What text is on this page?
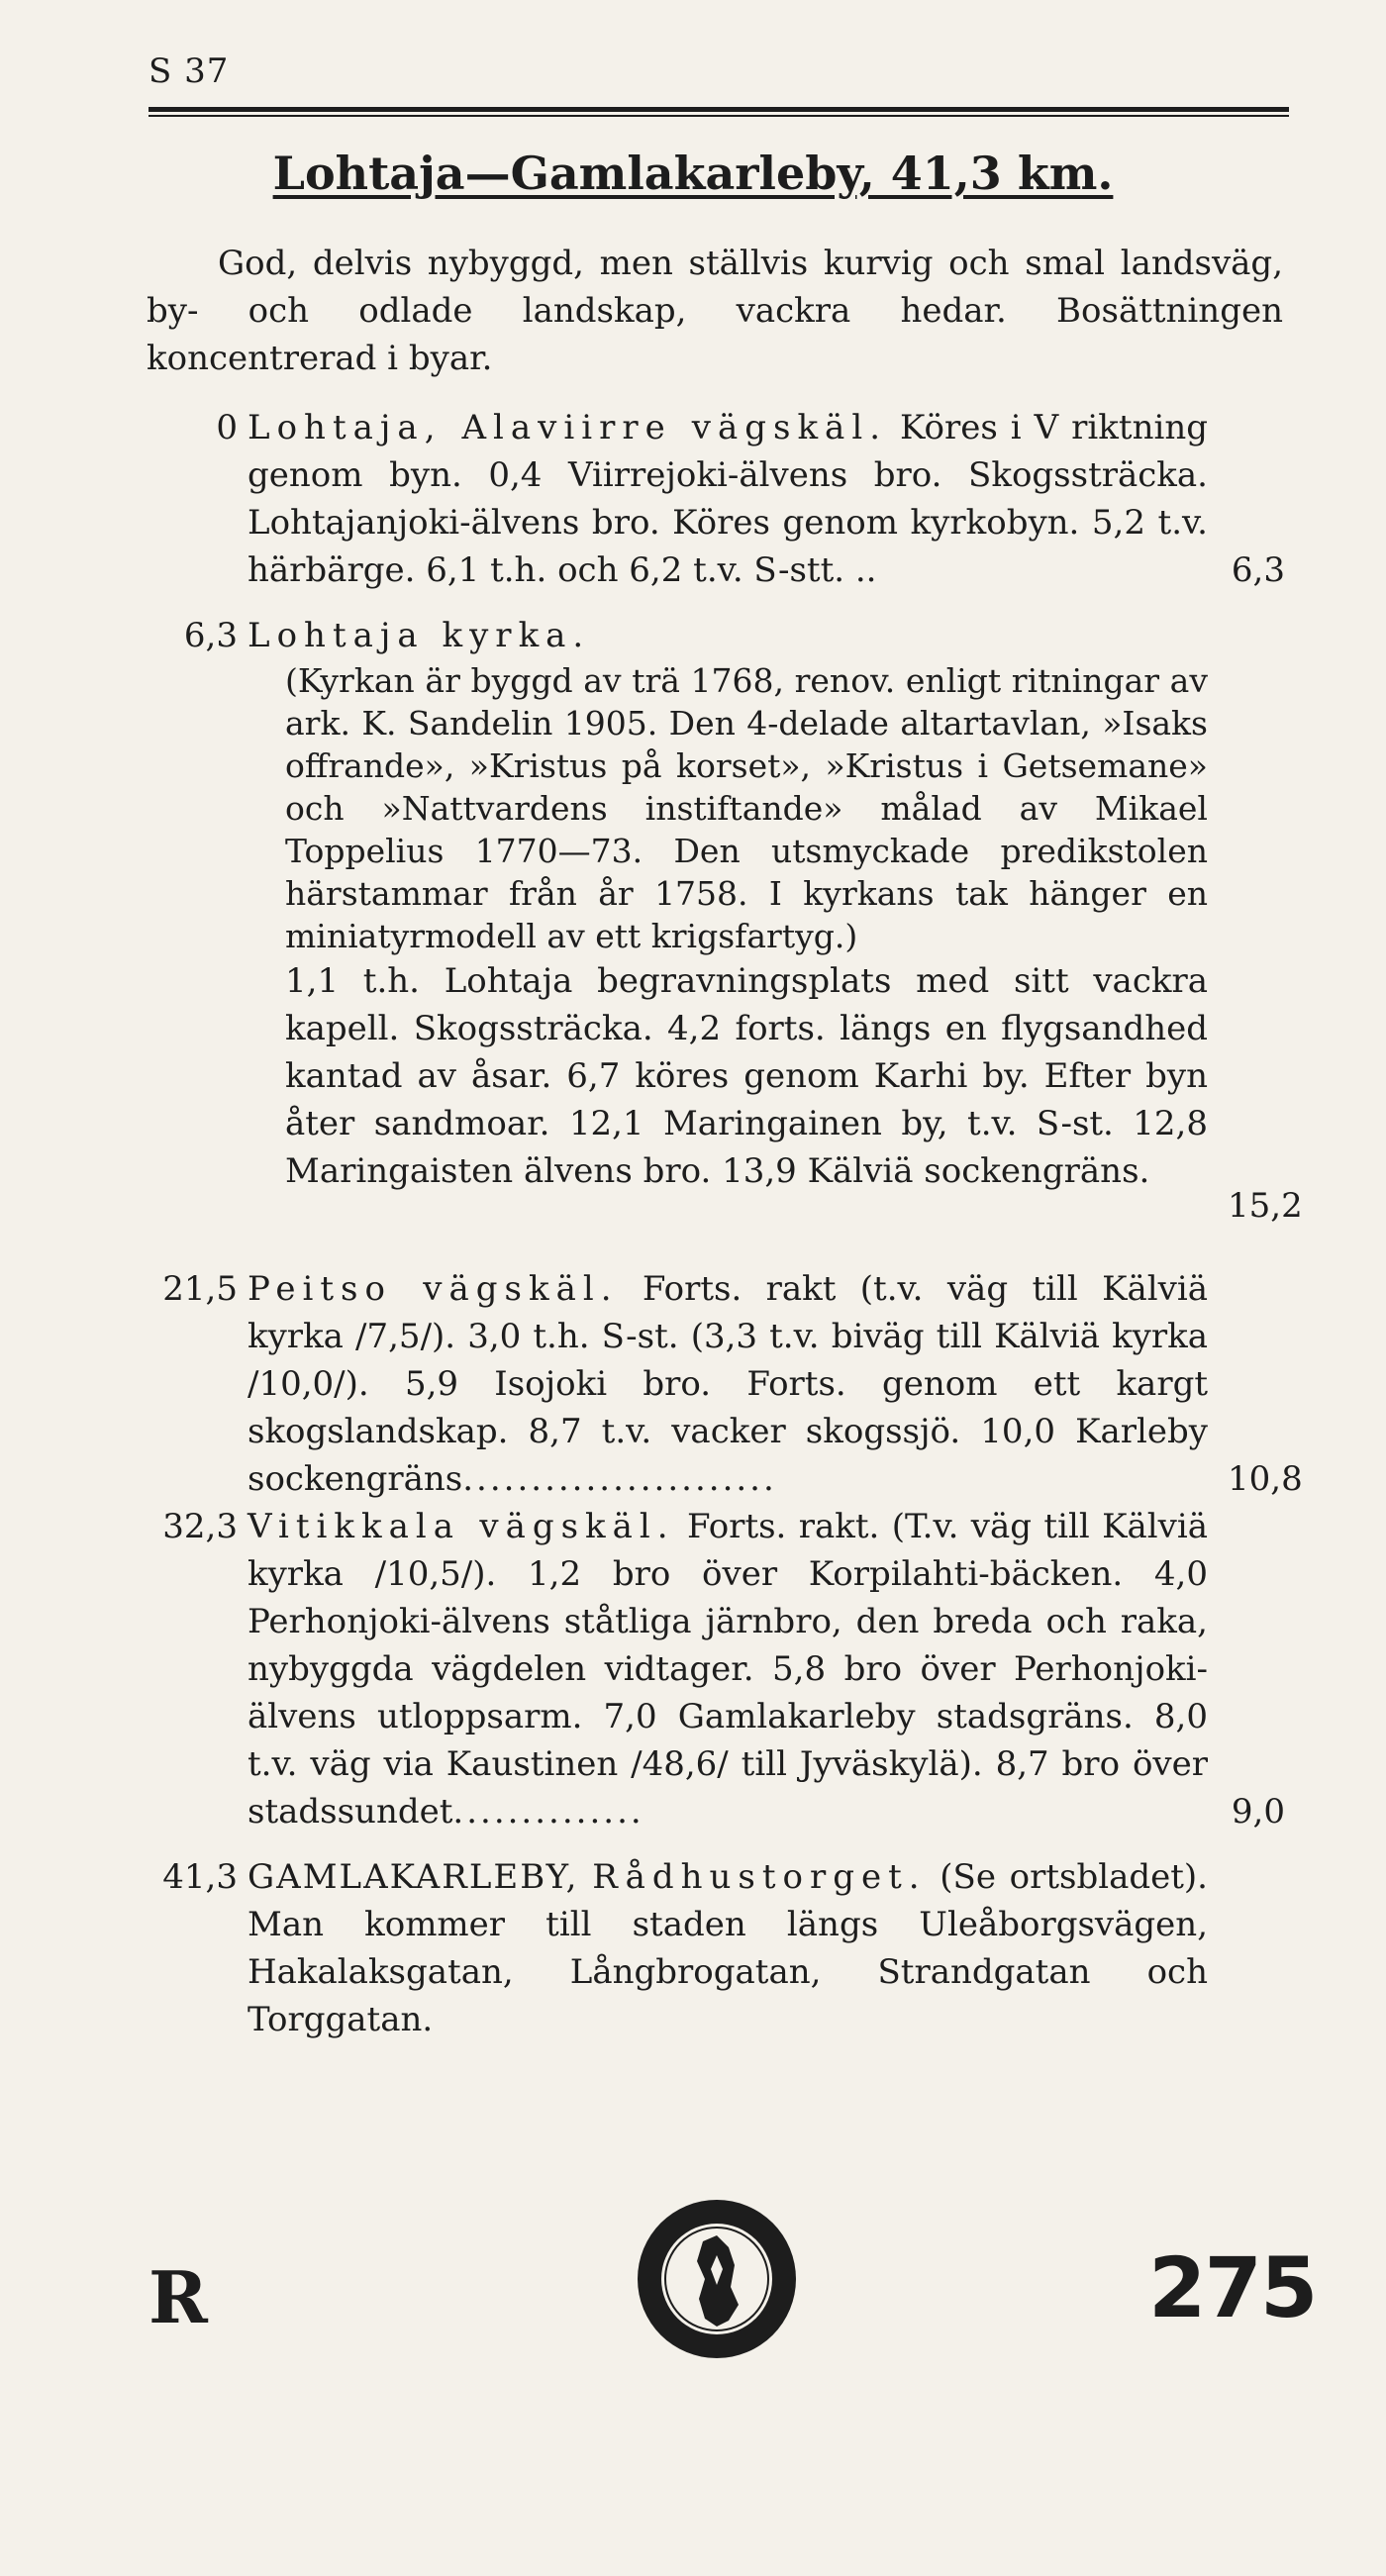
S 37
Lohtaja—Gamlakarleby, 41,3 km.
God, delvis nybyggd, men ställvis kurvig och smal landsväg, by- och odlade landskap, vackra hedar. Bosättningen koncentrerad i byar.
0 Lohtaja, Alaviirre vägskäl. Köres i V riktning genom byn. 0,4 Viirrejoki-älvens bro. Skogssträcka. Lohtajanjoki-älvens bro. Köres genom kyrkobyn. 5,2 t.v. härbärge. 6,1 t.h. och 6,2 t.v. S-stt. ..	6,3
6,3 Lohtaja kyrka.
(Kyrkan är byggd av trä 1768, renov. enligt ritningar av ark. K. Sandelin 1905. Den 4-delade altartavlan, »Isaks offrande», »Kristus på korset», »Kristus i Getsemane» och »Nattvardens instiftande» målad av Mikael Toppelius 1770—73. Den utsmyckade predikstolen härstammar från år 1758. I kyrkans tak hänger en miniatyrmodell av ett krigsfartyg.)
1,1 t.h. Lohtaja begravningsplats med sitt vackra kapell. Skogssträcka. 4,2 forts. längs en flygsandhed kantad av åsar. 6,7 köres genom Karhi by. Efter byn åter sandmoar. 12,1 Maringainen by, t.v. S-st. 12,8 Maringaisten älvens bro. 13,9 Kälviä sockengräns.
15,2
21,5 Peitso vägskäl. Forts. rakt (t.v. väg till Kälviä kyrka /7,5/). 3,0 t.h. S-st. (3,3 t.v. biväg till Kälviä kyrka /10,0/). 5,9 Isojoki bro. Forts. genom ett kargt skogslandskap. 8,7 t.v. vacker skogssjö. 10,0 Karleby sockengräns.......................	10,8
32,3 Vitikkala vägskäl. Forts. rakt. (T.v. väg till Kälviä kyrka /10,5/). 1,2 bro över Korpilahti-bäcken. 4,0 Perhonjoki-älvens ståtliga järnbro, den breda och raka, nybyggda vägdelen vidtager. 5,8 bro över Perhonjoki-älvens utloppsarm. 7,0 Gamlakarleby stadsgräns. 8,0 t.v. väg via Kaustinen /48,6/ till Jyväskylä). 8,7 bro över stadssundet..............	9,0
41,3 GAMLAKARLEBY, Rådhustorget. (Se ortsbladet). Man kommer till staden längs Uleåborgsvägen, Hakalaksgatan, Långbrogatan, Strandgatan och Torggatan.
R	275
